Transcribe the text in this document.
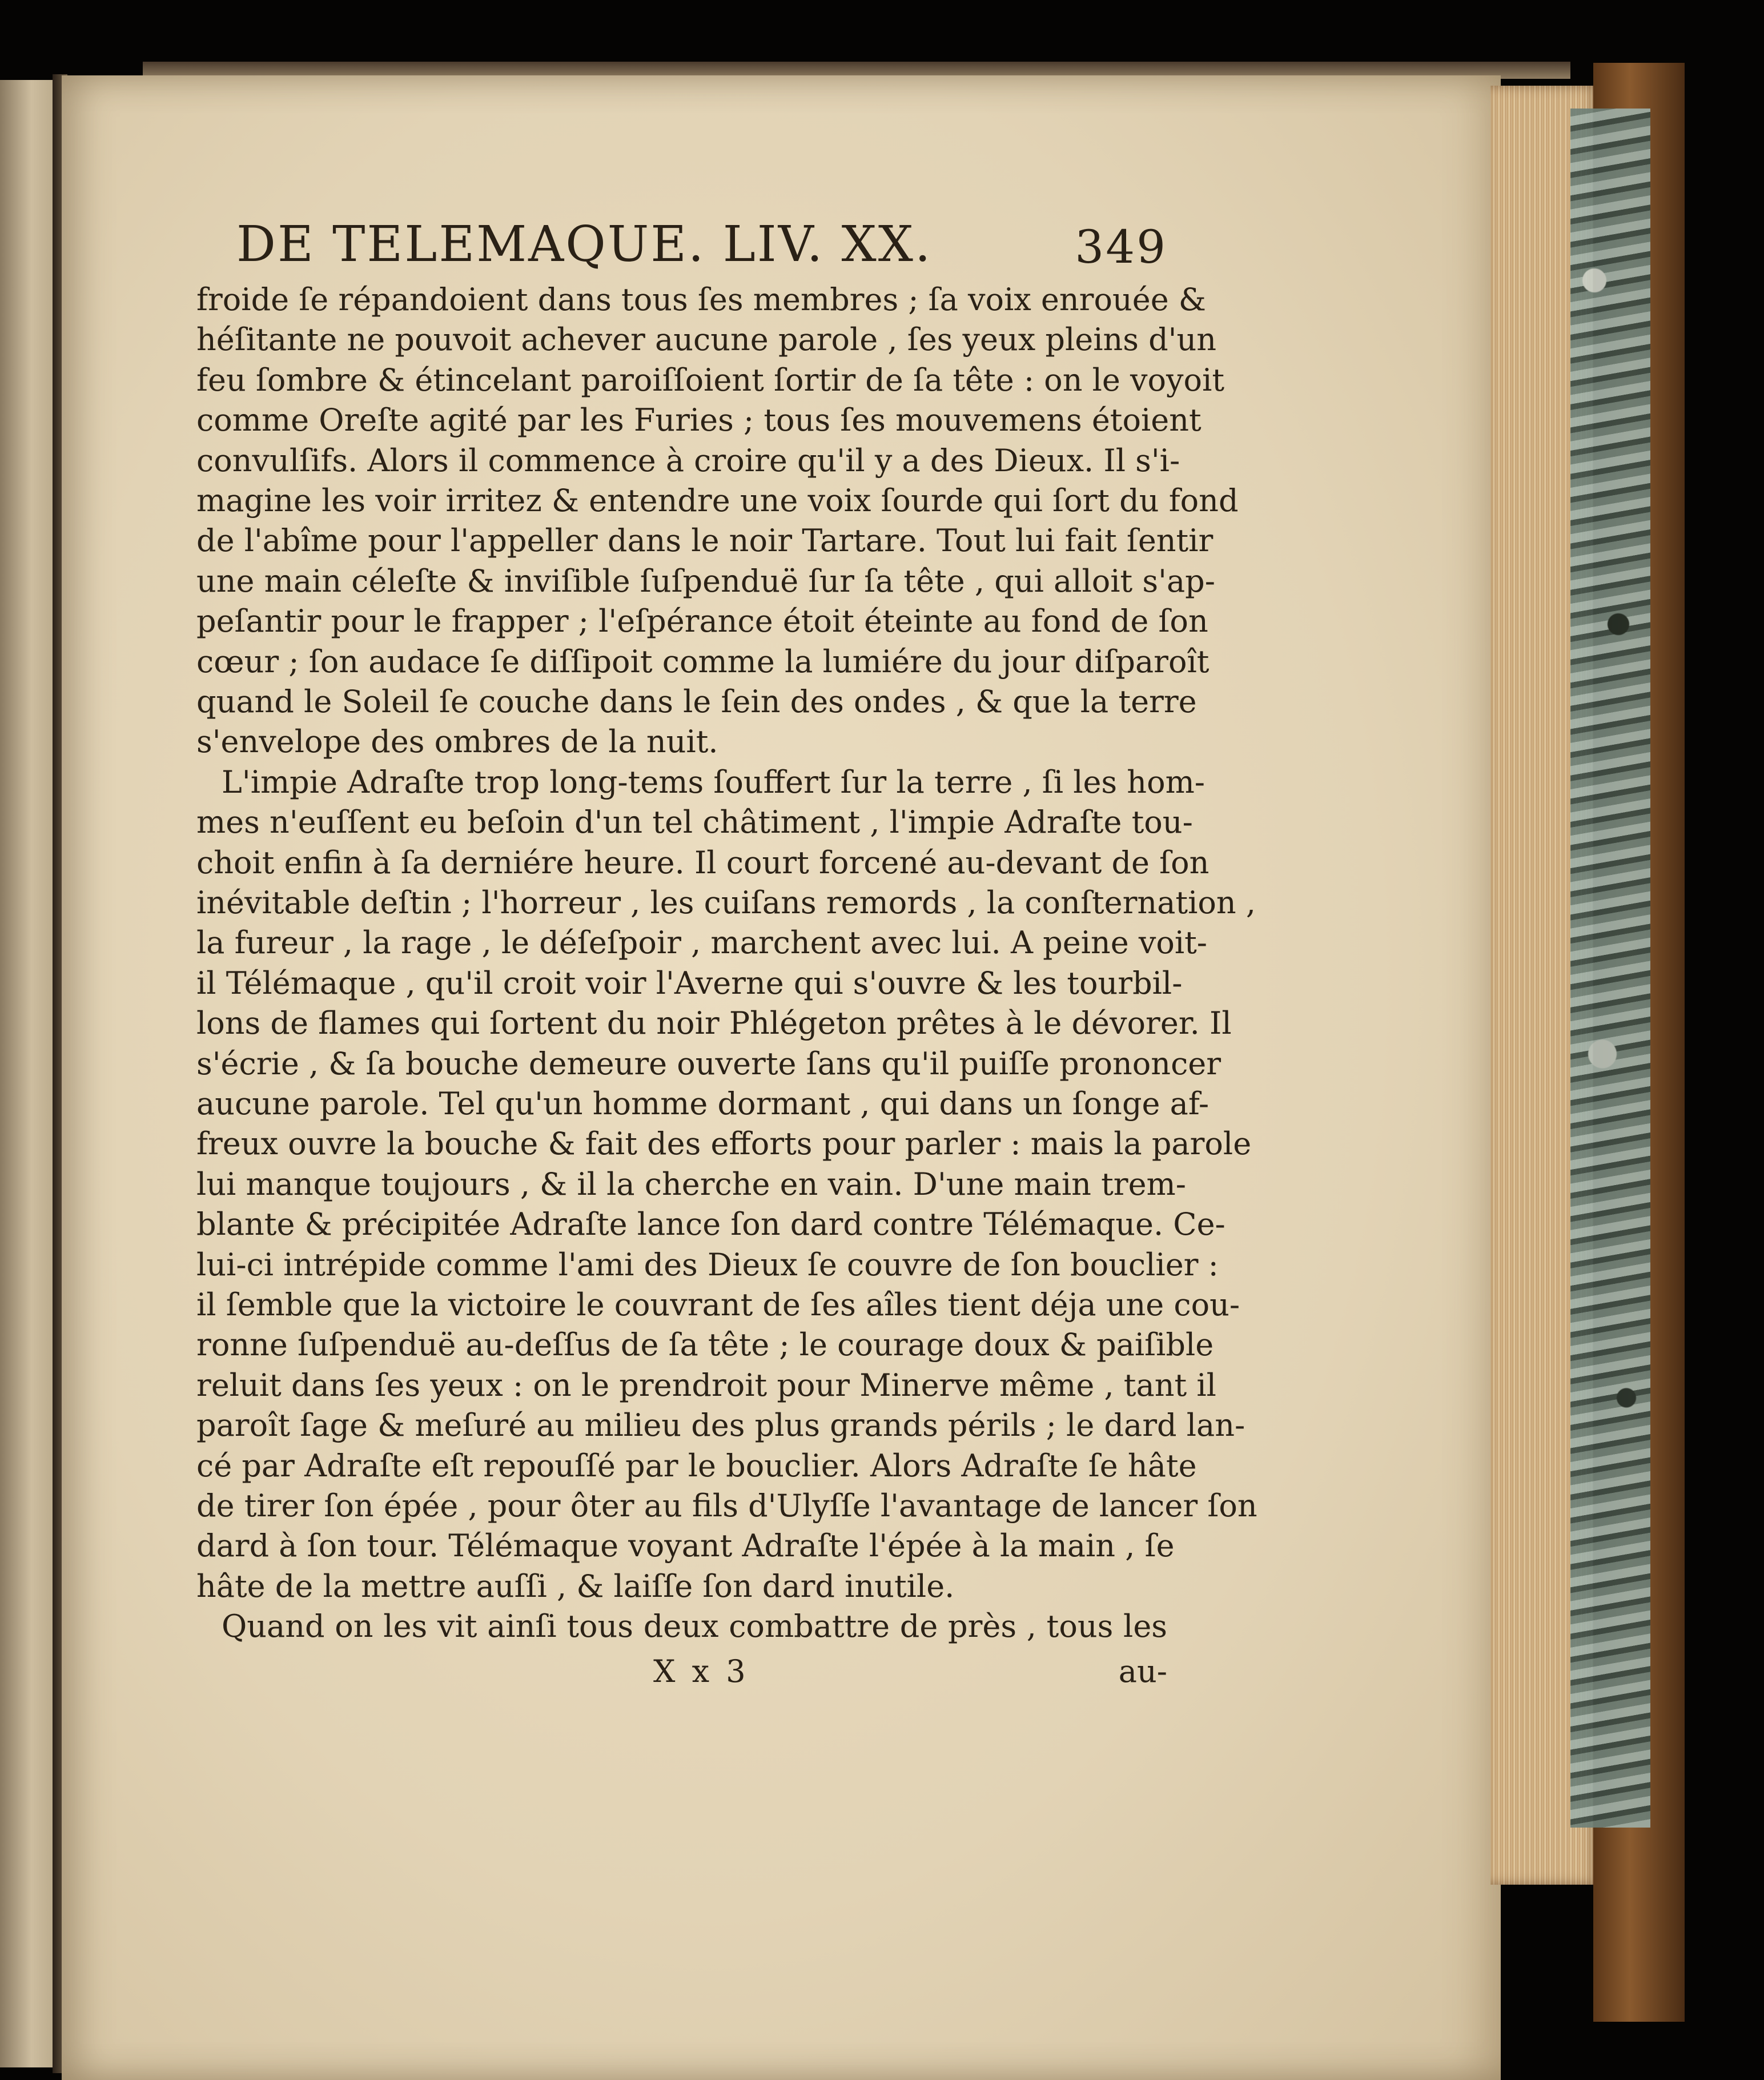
DE TELEMAQUE. LIV. XX.	349
froide ſe répandoient dans tous ſes membres ; ſa voix enrouée &
héſitante ne pouvoit achever aucune parole , ſes yeux pleins d'un
feu ſombre & étincelant paroiſſoient ſortir de ſa tête : on le voyoit
comme Oreſte agité par les Furies ; tous ſes mouvemens étoient
convulſifs. Alors il commence à croire qu'il y a des Dieux. Il s'i-
magine les voir irritez & entendre une voix ſourde qui ſort du fond
de l'abîme pour l'appeller dans le noir Tartare. Tout lui fait ſentir
une main céleſte & inviſible ſuſpenduë ſur ſa tête , qui alloit s'ap-
peſantir pour le frapper ; l'eſpérance étoit éteinte au fond de ſon
cœur ; ſon audace ſe diſſipoit comme la lumiére du jour diſparoît
quand le Soleil ſe couche dans le ſein des ondes , & que la terre
s'envelope des ombres de la nuit.
L'impie Adraſte trop long-tems ſouffert ſur la terre , ſi les hom-
mes n'euſſent eu beſoin d'un tel châtiment , l'impie Adraſte tou-
choit enfin à ſa derniére heure. Il court forcené au-devant de ſon
inévitable deſtin ; l'horreur , les cuiſans remords , la conſternation ,
la fureur , la rage , le déſeſpoir , marchent avec lui. A peine voit-
il Télémaque , qu'il croit voir l'Averne qui s'ouvre & les tourbil-
lons de flames qui ſortent du noir Phlégeton prêtes à le dévorer. Il
s'écrie , & ſa bouche demeure ouverte ſans qu'il puiſſe prononcer
aucune parole. Tel qu'un homme dormant , qui dans un ſonge af-
freux ouvre la bouche & fait des efforts pour parler : mais la parole
lui manque toujours , & il la cherche en vain. D'une main trem-
blante & précipitée Adraſte lance ſon dard contre Télémaque. Ce-
lui-ci intrépide comme l'ami des Dieux ſe couvre de ſon bouclier :
il ſemble que la victoire le couvrant de ſes aîles tient déja une cou-
ronne ſuſpenduë au-deſſus de ſa tête ; le courage doux & paiſible
reluit dans ſes yeux : on le prendroit pour Minerve même , tant il
paroît ſage & meſuré au milieu des plus grands périls ; le dard lan-
cé par Adraſte eſt repouſſé par le bouclier. Alors Adraſte ſe hâte
de tirer ſon épée , pour ôter au fils d'Ulyſſe l'avantage de lancer ſon
dard à ſon tour. Télémaque voyant Adraſte l'épée à la main , ſe
hâte de la mettre auſſi , & laiſſe ſon dard inutile.
Quand on les vit ainſi tous deux combattre de près , tous les
X x 3	au-
